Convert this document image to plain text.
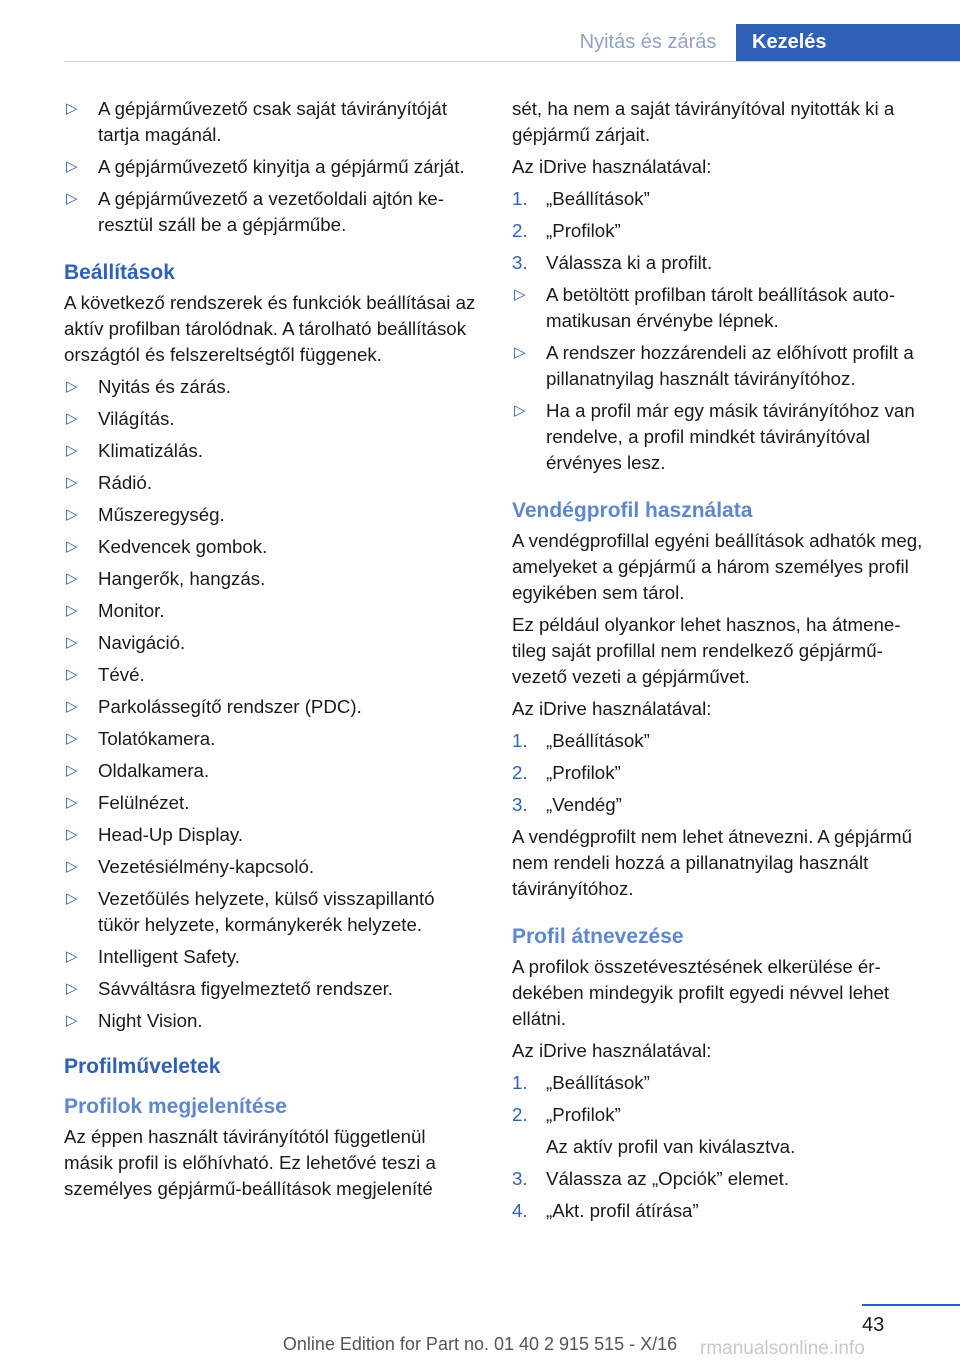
Nyitás és zárás	Kezelés
▷ A gépjárművezető csak saját távirányítóját tartja magánál.
▷ A gépjárművezető kinyitja a gépjármű zárját.
▷ A gépjárművezető a vezetőoldali ajtón keresztül száll be a gépjárműbe.
Beállítások

A következő rendszerek és funkciók beállításai az aktív profilban tárolódnak. A tárolható beállítások országtól és felszereltségtől függenek.

▷ Nyitás és zárás.
▷ Világítás.
▷ Klimatizálás.
▷ Rádió.
▷ Műszeregység.
▷ Kedvencek gombok.
▷ Hangerők, hangzás.
▷ Monitor.
▷ Navigáció.
▷ Tévé.
▷ Parkolássegítő rendszer (PDC).
▷ Tolatókamera.
▷ Oldalkamera.
▷ Felülnézet.
▷ Head-Up Display.
▷ Vezetésiélmény-kapcsoló.
▷ Vezetőülés helyzete, külső visszapillantó tükör helyzete, kormánykerék helyzete.
▷ Intelligent Safety.
▷ Sávváltásra figyelmeztető rendszer.
▷ Night Vision.
Profilműveletek
Profilok megjelenítése

Az éppen használt távirányítótól függetlenül másik profil is előhívható. Ez lehetővé teszi a személyes gépjármű-beállítások megjeleníté

sét, ha nem a saját távirányítóval nyitották ki a gépjármű zárjait.

Az iDrive használatával:

1. „Beállítások”
2. „Profilok”
3. Válassza ki a profilt.
▷ A betöltött profilban tárolt beállítások automatikusan érvénybe lépnek.
▷ A rendszer hozzárendeli az előhívott profilt a pillanatnyilag használt távirányítóhoz.
▷ Ha a profil már egy másik távirányítóhoz van rendelve, a profil mindkét távirányítóval érvényes lesz.
Vendégprofil használata

A vendégprofillal egyéni beállítások adhatók meg, amelyeket a gépjármű a három személyes profil egyikében sem tárol.

Ez például olyankor lehet hasznos, ha átmenetileg saját profillal nem rendelkező gépjárművezető vezeti a gépjárművet.

Az iDrive használatával:

1. „Beállítások”
2. „Profilok”
3. „Vendég”

A vendégprofilt nem lehet átnevezni. A gépjármű nem rendeli hozzá a pillanatnyilag használt távirányítóhoz.

Profil átnevezése

A profilok összetévesztésének elkerülése érdekében mindegyik profilt egyedi névvel lehet ellátni.

Az iDrive használatával:

1. „Beállítások”
2. „Profilok”
Az aktív profil van kiválasztva.
3. Válassza az „Opciók” elemet.
4. „Akt. profil átírása”
43
Online Edition for Part no. 01 40 2 915 515 - X/16	rmanualsonline.info
